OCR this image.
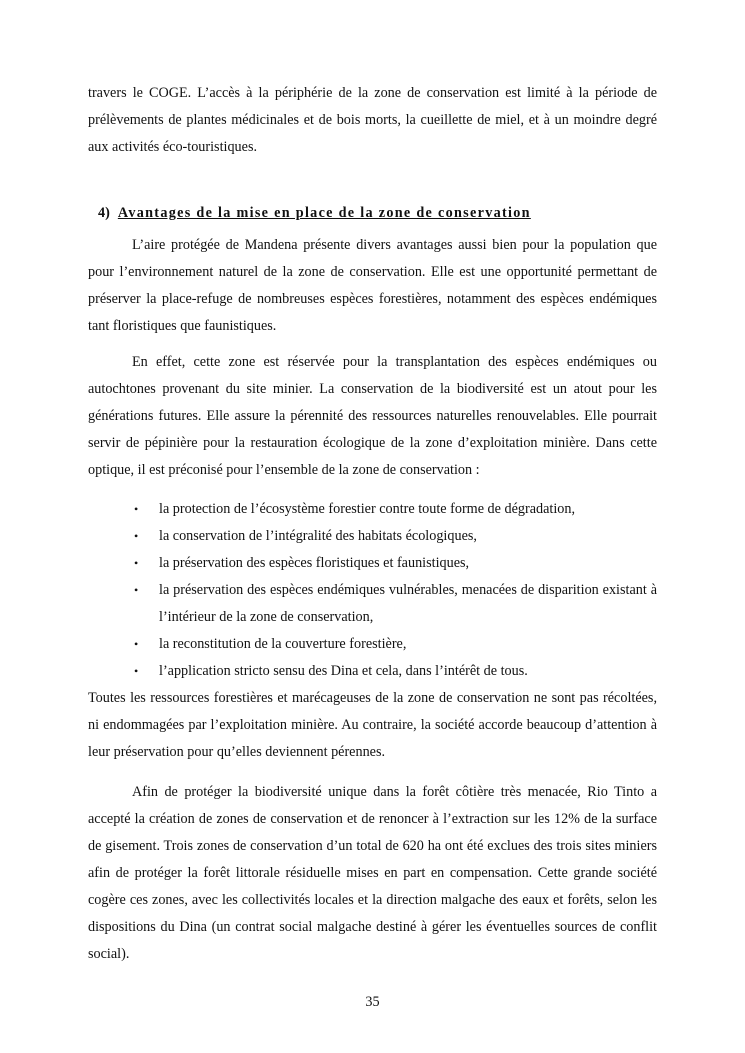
travers le COGE. L’accès à la périphérie de la zone de conservation est limité à la période de prélèvements de plantes médicinales et de bois morts, la cueillette de miel, et à un moindre degré aux activités éco-touristiques.

4) Avantages de la mise en place de la zone de conservation

L’aire protégée de Mandena présente divers avantages aussi bien pour la population que pour l’environnement naturel de la zone de conservation. Elle est une opportunité permettant de préserver la place-refuge de nombreuses espèces forestières, notamment des espèces endémiques tant floristiques que faunistiques.

En effet, cette zone est réservée pour la transplantation des espèces endémiques ou autochtones provenant du site minier. La conservation de la biodiversité est un atout pour les générations futures. Elle assure la pérennité des ressources naturelles renouvelables. Elle pourrait servir de pépinière pour la restauration écologique de la zone d’exploitation minière. Dans cette optique, il est préconisé pour l’ensemble de la zone de conservation :

• la protection de l’écosystème forestier contre toute forme de dégradation,
• la conservation de l’intégralité des habitats écologiques,
• la préservation des espèces floristiques et faunistiques,
• la préservation des espèces endémiques vulnérables, menacées de disparition existant à l’intérieur de la zone de conservation,
• la reconstitution de la couverture forestière,
• l’application stricto sensu des Dina et cela, dans l’intérêt de tous.

Toutes les ressources forestières et marécageuses de la zone de conservation ne sont pas récoltées, ni endommagées par l’exploitation minière. Au contraire, la société accorde beaucoup d’attention à leur préservation pour qu’elles deviennent pérennes.

Afin de protéger la biodiversité unique dans la forêt côtière très menacée, Rio Tinto a accepté la création de zones de conservation et de renoncer à l’extraction sur les 12% de la surface de gisement. Trois zones de conservation d’un total de 620 ha ont été exclues des trois sites miniers afin de protéger la forêt littorale résiduelle mises en part en compensation. Cette grande société cogère ces zones, avec les collectivités locales et la direction malgache des eaux et forêts, selon les dispositions du Dina (un contrat social malgache destiné à gérer les éventuelles sources de conflit social).

35
